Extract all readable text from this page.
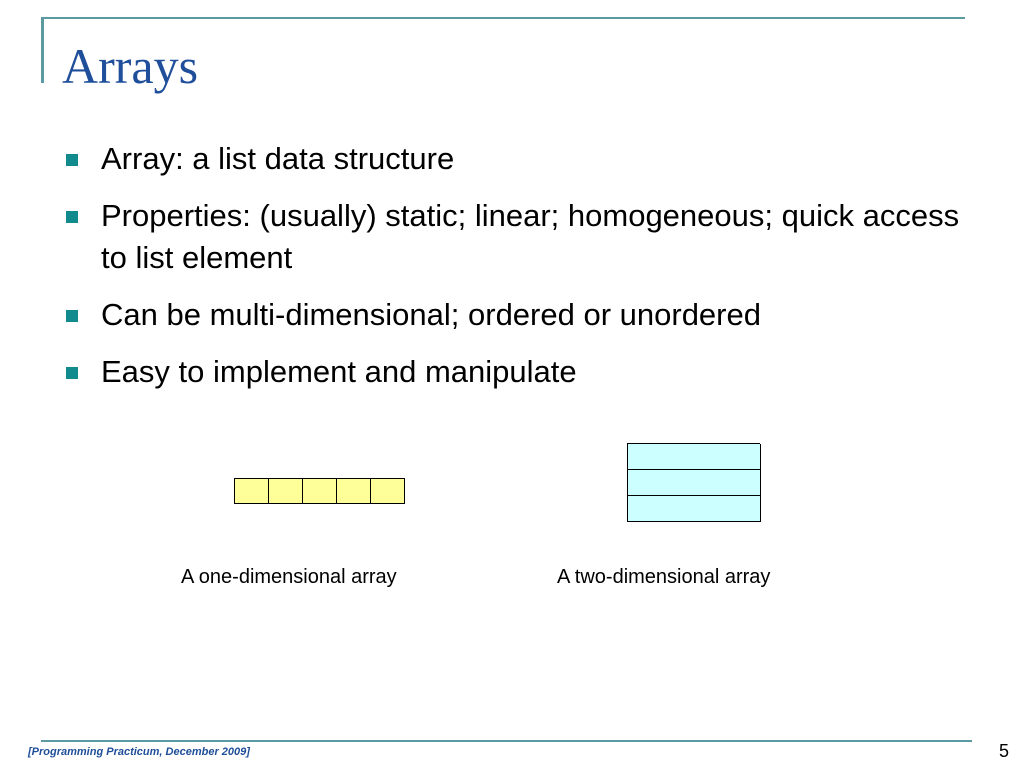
Arrays
Array: a list data structure
Properties: (usually) static; linear; homogeneous; quick access to list element
Can be multi-dimensional; ordered or unordered
Easy to implement and manipulate
A one-dimensional array	A two-dimensional array
[Programming Practicum, December 2009]	5
